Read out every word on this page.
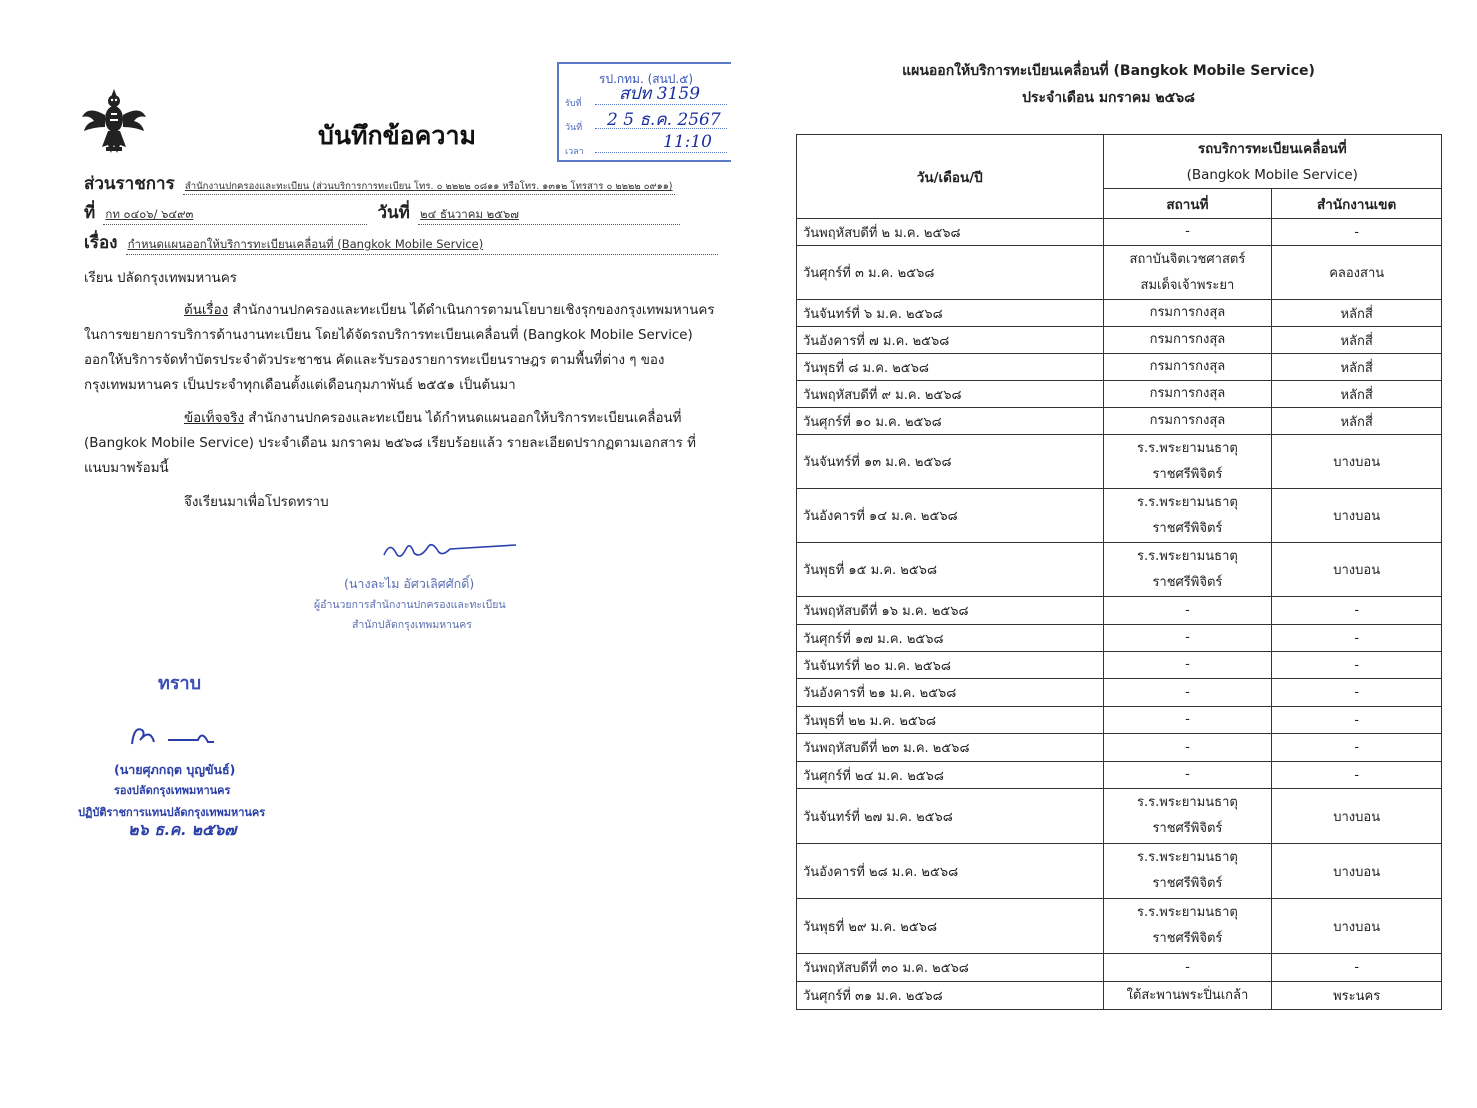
บันทึกข้อความ
รป.กทม. (สนป.๕)
รับที่ สปท 3159
วันที่ 2 5 ธ.ค. 2567
เวลา	11:10
ส่วนราชการ สำนักงานปกครองและทะเบียน (ส่วนบริการการทะเบียน โทร. ๐ ๒๒๒๒ ๐๘๑๑ หรือโทร. ๑๓๑๒ โทรสาร ๐ ๒๒๒๒ ๐๙๑๑)
ที่ กท ๐๔๐๖/ ๖๔๙๓	วันที่ ๒๔ ธันวาคม ๒๕๖๗
เรื่อง กำหนดแผนออกให้บริการทะเบียนเคลื่อนที่ (Bangkok Mobile Service)
เรียน ปลัดกรุงเทพมหานคร
ต้นเรื่อง สำนักงานปกครองและทะเบียน ได้ดำเนินการตามนโยบายเชิงรุกของกรุงเทพมหานคร ในการขยายการบริการด้านงานทะเบียน โดยได้จัดรถบริการทะเบียนเคลื่อนที่ (Bangkok Mobile Service) ออกให้บริการจัดทำบัตรประจำตัวประชาชน คัดและรับรองรายการทะเบียนราษฎร ตามพื้นที่ต่าง ๆ ของกรุงเทพมหานคร เป็นประจำทุกเดือนตั้งแต่เดือนกุมภาพันธ์ ๒๕๕๑ เป็นต้นมา
ข้อเท็จจริง สำนักงานปกครองและทะเบียน ได้กำหนดแผนออกให้บริการทะเบียนเคลื่อนที่ (Bangkok Mobile Service) ประจำเดือน มกราคม ๒๕๖๘ เรียบร้อยแล้ว รายละเอียดปรากฏตามเอกสาร ที่แนบมาพร้อมนี้
จึงเรียนมาเพื่อโปรดทราบ
(นางละไม อัศวเลิศศักดิ์)
ผู้อำนวยการสำนักงานปกครองและทะเบียน
สำนักปลัดกรุงเทพมหานคร
ทราบ
(นายศุภกฤต บุญขันธ์)
รองปลัดกรุงเทพมหานคร
ปฏิบัติราชการแทนปลัดกรุงเทพมหานคร
๒๖ ธ.ค. ๒๕๖๗
แผนออกให้บริการทะเบียนเคลื่อนที่ (Bangkok Mobile Service)
ประจำเดือน มกราคม ๒๕๖๘
วัน/เดือน/ปี	รถบริการทะเบียนเคลื่อนที่
(Bangkok Mobile Service)	

	สถานที่	สำนักงานเขต
วันพฤหัสบดีที่ ๒ ม.ค. ๒๕๖๘	-	-
วันศุกร์ที่ ๓ ม.ค. ๒๕๖๘	สถาบันจิตเวชศาสตร์
สมเด็จเจ้าพระยา	คลองสาน
วันจันทร์ที่ ๖ ม.ค. ๒๕๖๘	กรมการกงสุล	หลักสี่
วันอังคารที่ ๗ ม.ค. ๒๕๖๘	กรมการกงสุล	หลักสี่
วันพุธที่ ๘ ม.ค. ๒๕๖๘	กรมการกงสุล	หลักสี่
วันพฤหัสบดีที่ ๙ ม.ค. ๒๕๖๘	กรมการกงสุล	หลักสี่
วันศุกร์ที่ ๑๐ ม.ค. ๒๕๖๘	กรมการกงสุล	หลักสี่
วันจันทร์ที่ ๑๓ ม.ค. ๒๕๖๘	ร.ร.พระยามนธาตุ
ราชศรีพิจิตร์	บางบอน
วันอังคารที่ ๑๔ ม.ค. ๒๕๖๘	ร.ร.พระยามนธาตุ
ราชศรีพิจิตร์	บางบอน
วันพุธที่ ๑๕ ม.ค. ๒๕๖๘	ร.ร.พระยามนธาตุ
ราชศรีพิจิตร์	บางบอน
วันพฤหัสบดีที่ ๑๖ ม.ค. ๒๕๖๘	-	-
วันศุกร์ที่ ๑๗ ม.ค. ๒๕๖๘	-	-
วันจันทร์ที่ ๒๐ ม.ค. ๒๕๖๘	-	-
วันอังคารที่ ๒๑ ม.ค. ๒๕๖๘	-	-
วันพุธที่ ๒๒ ม.ค. ๒๕๖๘	-	-
วันพฤหัสบดีที่ ๒๓ ม.ค. ๒๕๖๘	-	-
วันศุกร์ที่ ๒๔ ม.ค. ๒๕๖๘	-	-
วันจันทร์ที่ ๒๗ ม.ค. ๒๕๖๘	ร.ร.พระยามนธาตุ
ราชศรีพิจิตร์	บางบอน
วันอังคารที่ ๒๘ ม.ค. ๒๕๖๘	ร.ร.พระยามนธาตุ
ราชศรีพิจิตร์	บางบอน
วันพุธที่ ๒๙ ม.ค. ๒๕๖๘	ร.ร.พระยามนธาตุ
ราชศรีพิจิตร์	บางบอน
วันพฤหัสบดีที่ ๓๐ ม.ค. ๒๕๖๘	-	-
วันศุกร์ที่ ๓๑ ม.ค. ๒๕๖๘	ใต้สะพานพระปิ่นเกล้า	พระนคร
